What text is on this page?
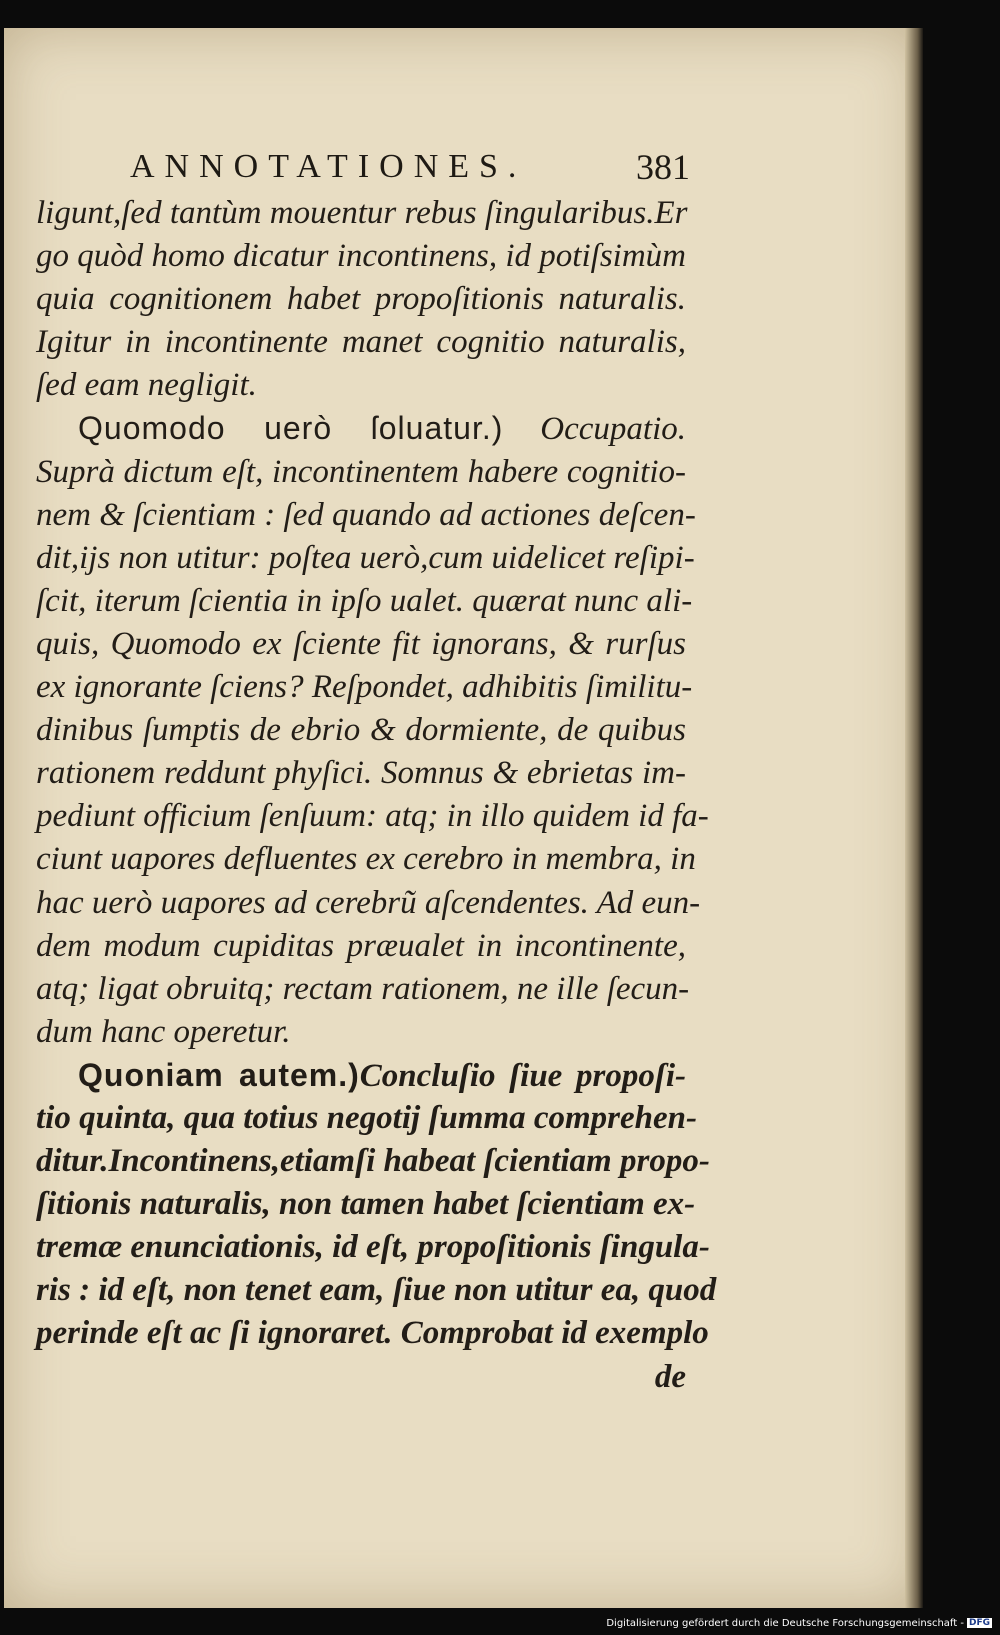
ANNOTATIONES.	381
ligunt,ſed tantùm mouentur rebus ſingularibus.Er
go quòd homo dicatur incontinens, id potiſsimùm
quia cognitionem habet propoſitionis naturalis.
Igitur in incontinente manet cognitio naturalis,
ſed eam negligit.
Quomodo uerò ſoluatur.) Occupatio.
Suprà dictum eſt, incontinentem habere cognitio-
nem & ſcientiam : ſed quando ad actiones deſcen-
dit,ijs non utitur: poſtea uerò,cum uidelicet reſipi-
ſcit, iterum ſcientia in ipſo ualet. quærat nunc ali-
quis, Quomodo ex ſciente fit ignorans, & rurſus
ex ignorante ſciens? Reſpondet, adhibitis ſimilitu-
dinibus ſumptis de ebrio & dormiente, de quibus
rationem reddunt phyſici. Somnus & ebrietas im-
pediunt officium ſenſuum: atq; in illo quidem id fa-
ciunt uapores defluentes ex cerebro in membra, in
hac uerò uapores ad cerebrũ aſcendentes. Ad eun-
dem modum cupiditas præualet in incontinente,
atq; ligat obruitq; rectam rationem, ne ille ſecun-
dum hanc operetur.
Quoniam autem.)Concluſio ſiue propoſi-
tio quinta, qua totius negotij ſumma comprehen-
ditur.Incontinens,etiamſi habeat ſcientiam propo-
ſitionis naturalis, non tamen habet ſcientiam ex-
tremæ enunciationis, id eſt, propoſitionis ſingula-
ris : id eſt, non tenet eam, ſiue non utitur ea, quod
perinde eſt ac ſi ignoraret. Comprobat id exemplo
de
Digitalisierung gefördert durch die Deutsche Forschungsgemeinschaft - DFG
